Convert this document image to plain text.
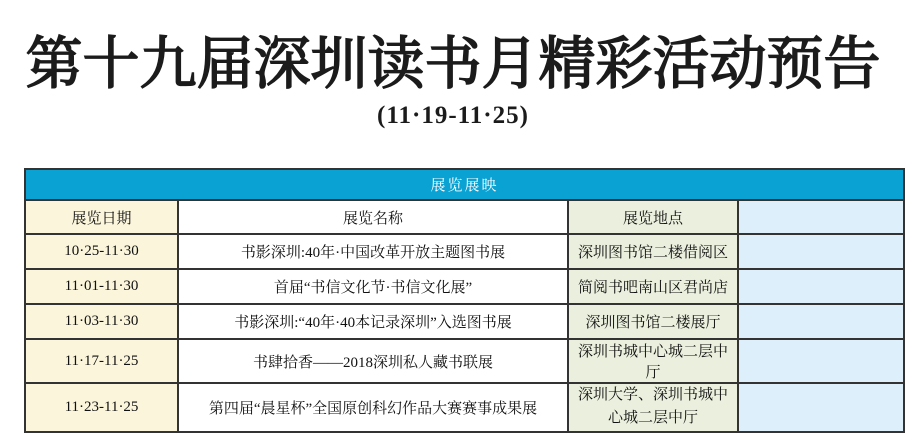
第十九届深圳读书月精彩活动预告
(11·19-11·25)
展览展映			
展览日期	展览名称	展览地点	
10·25-11·30	书影深圳:40年·中国改革开放主题图书展	深圳图书馆二楼借阅区	
11·01-11·30	首届“书信文化节·书信文化展”	简阅书吧南山区君尚店	
11·03-11·30	书影深圳:“40年·40本记录深圳”入选图书展	深圳图书馆二楼展厅	
11·17-11·25	书肆拾香——2018深圳私人藏书联展	深圳书城中心城二层中厅	
11·23-11·25	第四届“晨星杯”全国原创科幻作品大赛赛事成果展	深圳大学、深圳书城中心城二层中厅	
